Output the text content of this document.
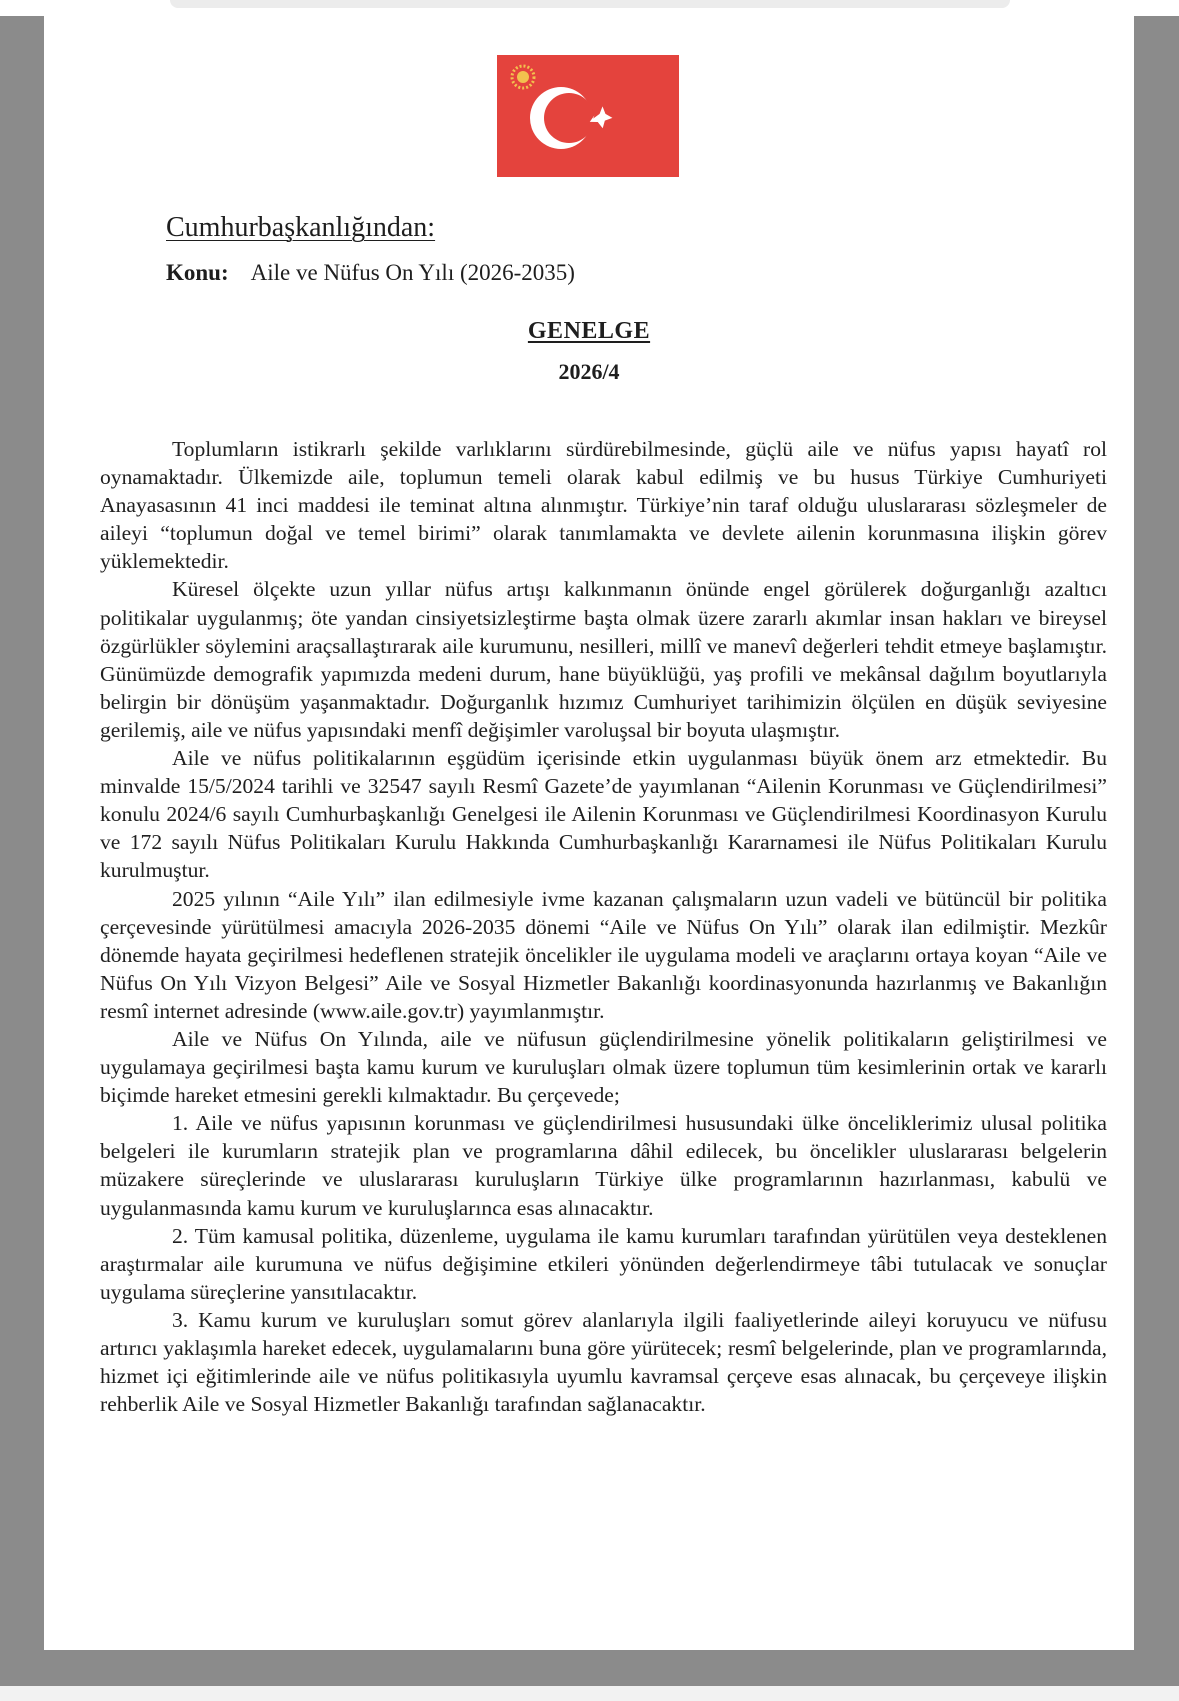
Cumhurbaşkanlığından:
Konu: Aile ve Nüfus On Yılı (2026-2035)
GENELGE
2026/4

Toplumların istikrarlı şekilde varlıklarını sürdürebilmesinde, güçlü aile ve nüfus yapısı hayatî rol oynamaktadır. Ülkemizde aile, toplumun temeli olarak kabul edilmiş ve bu husus Türkiye Cumhuriyeti Anayasasının 41 inci maddesi ile teminat altına alınmıştır. Türkiye’nin taraf olduğu uluslararası sözleşmeler de aileyi “toplumun doğal ve temel birimi” olarak tanımlamakta ve devlete ailenin korunmasına ilişkin görev yüklemektedir.

Küresel ölçekte uzun yıllar nüfus artışı kalkınmanın önünde engel görülerek doğurganlığı azaltıcı politikalar uygulanmış; öte yandan cinsiyetsizleştirme başta olmak üzere zararlı akımlar insan hakları ve bireysel özgürlükler söylemini araçsallaştırarak aile kurumunu, nesilleri, millî ve manevî değerleri tehdit etmeye başlamıştır. Günümüzde demografik yapımızda medeni durum, hane büyüklüğü, yaş profili ve mekânsal dağılım boyutlarıyla belirgin bir dönüşüm yaşanmaktadır. Doğurganlık hızımız Cumhuriyet tarihimizin ölçülen en düşük seviyesine gerilemiş, aile ve nüfus yapısındaki menfî değişimler varoluşsal bir boyuta ulaşmıştır.

Aile ve nüfus politikalarının eşgüdüm içerisinde etkin uygulanması büyük önem arz etmektedir. Bu minvalde 15/5/2024 tarihli ve 32547 sayılı Resmî Gazete’de yayımlanan “Ailenin Korunması ve Güçlendirilmesi” konulu 2024/6 sayılı Cumhurbaşkanlığı Genelgesi ile Ailenin Korunması ve Güçlendirilmesi Koordinasyon Kurulu ve 172 sayılı Nüfus Politikaları Kurulu Hakkında Cumhurbaşkanlığı Kararnamesi ile Nüfus Politikaları Kurulu kurulmuştur.

2025 yılının “Aile Yılı” ilan edilmesiyle ivme kazanan çalışmaların uzun vadeli ve bütüncül bir politika çerçevesinde yürütülmesi amacıyla 2026-2035 dönemi “Aile ve Nüfus On Yılı” olarak ilan edilmiştir. Mezkûr dönemde hayata geçirilmesi hedeflenen stratejik öncelikler ile uygulama modeli ve araçlarını ortaya koyan “Aile ve Nüfus On Yılı Vizyon Belgesi” Aile ve Sosyal Hizmetler Bakanlığı koordinasyonunda hazırlanmış ve Bakanlığın resmî internet adresinde (www.aile.gov.tr) yayımlanmıştır.

Aile ve Nüfus On Yılında, aile ve nüfusun güçlendirilmesine yönelik politikaların geliştirilmesi ve uygulamaya geçirilmesi başta kamu kurum ve kuruluşları olmak üzere toplumun tüm kesimlerinin ortak ve kararlı biçimde hareket etmesini gerekli kılmaktadır. Bu çerçevede;

1. Aile ve nüfus yapısının korunması ve güçlendirilmesi hususundaki ülke önceliklerimiz ulusal politika belgeleri ile kurumların stratejik plan ve programlarına dâhil edilecek, bu öncelikler uluslararası belgelerin müzakere süreçlerinde ve uluslararası kuruluşların Türkiye ülke programlarının hazırlanması, kabulü ve uygulanmasında kamu kurum ve kuruluşlarınca esas alınacaktır.

2. Tüm kamusal politika, düzenleme, uygulama ile kamu kurumları tarafından yürütülen veya desteklenen araştırmalar aile kurumuna ve nüfus değişimine etkileri yönünden değerlendirmeye tâbi tutulacak ve sonuçlar uygulama süreçlerine yansıtılacaktır.

3. Kamu kurum ve kuruluşları somut görev alanlarıyla ilgili faaliyetlerinde aileyi koruyucu ve nüfusu artırıcı yaklaşımla hareket edecek, uygulamalarını buna göre yürütecek; resmî belgelerinde, plan ve programlarında, hizmet içi eğitimlerinde aile ve nüfus politikasıyla uyumlu kavramsal çerçeve esas alınacak, bu çerçeveye ilişkin rehberlik Aile ve Sosyal Hizmetler Bakanlığı tarafından sağlanacaktır.
